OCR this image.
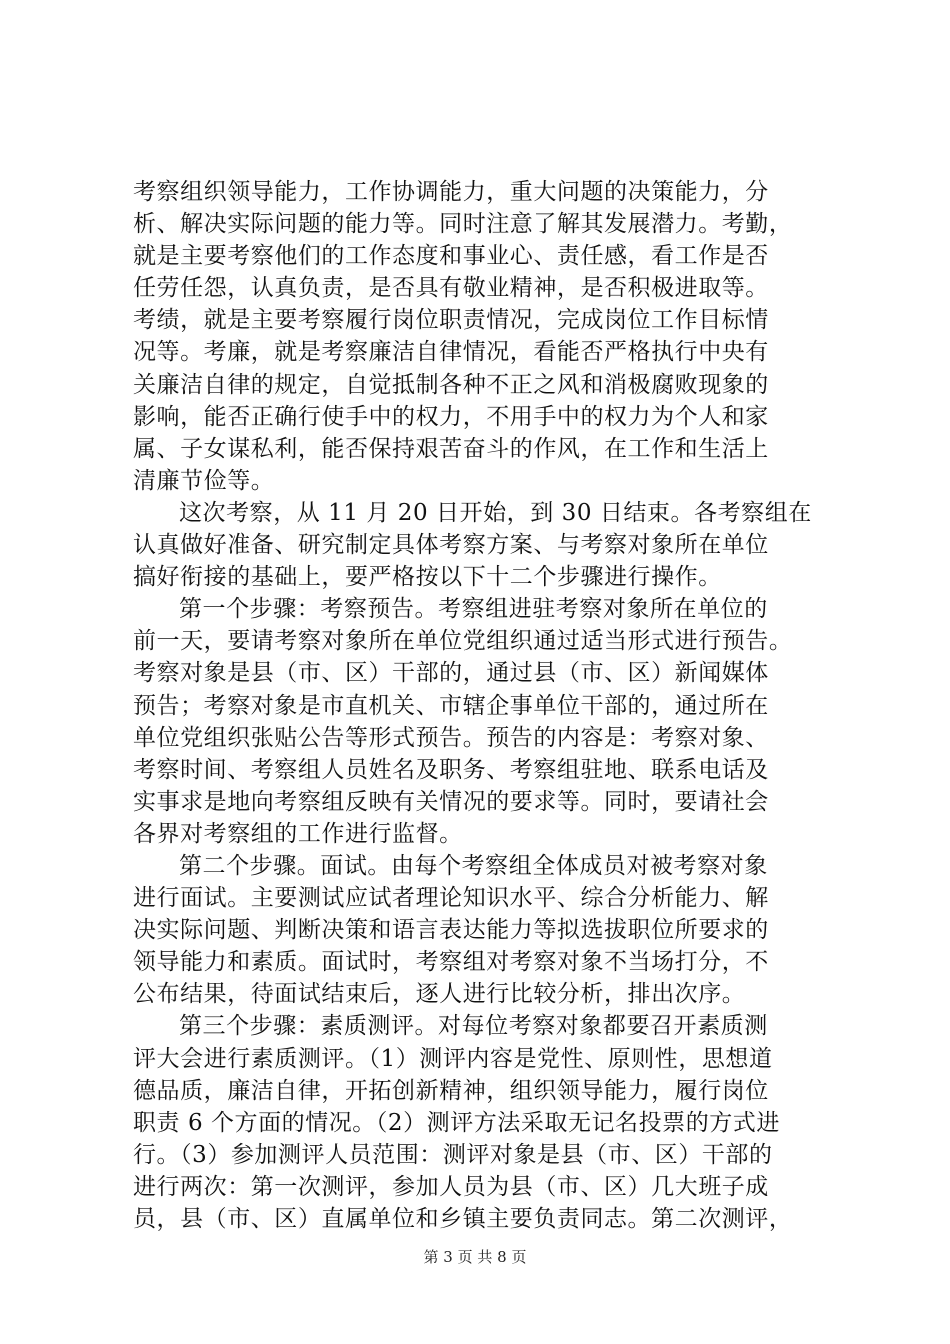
考察组织领导能力，工作协调能力，重大问题的决策能力，分
析、解决实际问题的能力等。同时注意了解其发展潜力。考勤，
就是主要考察他们的工作态度和事业心、责任感，看工作是否
任劳任怨，认真负责，是否具有敬业精神，是否积极进取等。
考绩，就是主要考察履行岗位职责情况，完成岗位工作目标情
况等。考廉，就是考察廉洁自律情况，看能否严格执行中央有
关廉洁自律的规定，自觉抵制各种不正之风和消极腐败现象的
影响，能否正确行使手中的权力，不用手中的权力为个人和家
属、子女谋私利，能否保持艰苦奋斗的作风，在工作和生活上
清廉节俭等。
这次考察，从 11 月 20 日开始，到 30 日结束。各考察组在
认真做好准备、研究制定具体考察方案、与考察对象所在单位
搞好衔接的基础上，要严格按以下十二个步骤进行操作。
第一个步骤：考察预告。考察组进驻考察对象所在单位的
前一天，要请考察对象所在单位党组织通过适当形式进行预告。
考察对象是县（市、区）干部的，通过县（市、区）新闻媒体
预告；考察对象是市直机关、市辖企事单位干部的，通过所在
单位党组织张贴公告等形式预告。预告的内容是：考察对象、
考察时间、考察组人员姓名及职务、考察组驻地、联系电话及
实事求是地向考察组反映有关情况的要求等。同时，要请社会
各界对考察组的工作进行监督。
第二个步骤。面试。由每个考察组全体成员对被考察对象
进行面试。主要测试应试者理论知识水平、综合分析能力、解
决实际问题、判断决策和语言表达能力等拟选拔职位所要求的
领导能力和素质。面试时，考察组对考察对象不当场打分，不
公布结果，待面试结束后，逐人进行比较分析，排出次序。
第三个步骤：素质测评。对每位考察对象都要召开素质测
评大会进行素质测评。（1）测评内容是党性、原则性，思想道
德品质，廉洁自律，开拓创新精神，组织领导能力，履行岗位
职责 6 个方面的情况。（2）测评方法采取无记名投票的方式进
行。（3）参加测评人员范围：测评对象是县（市、区）干部的
进行两次：第一次测评，参加人员为县（市、区）几大班子成
员，县（市、区）直属单位和乡镇主要负责同志。第二次测评，
第 3 页 共 8 页
